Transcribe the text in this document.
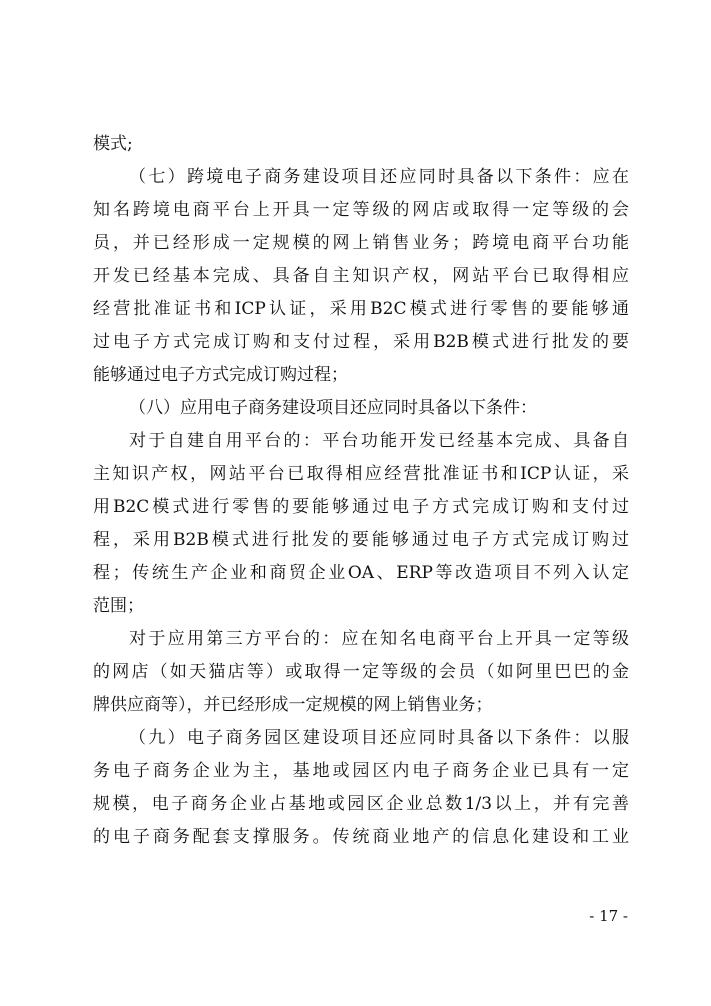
模式;
（七）跨境电子商务建设项目还应同时具备以下条件：应在
知名跨境电商平台上开具一定等级的网店或取得一定等级的会
员，并已经形成一定规模的网上销售业务；跨境电商平台功能
开发已经基本完成、具备自主知识产权，网站平台已取得相应
经营批准证书和ICP认证，采用B2C模式进行零售的要能够通
过电子方式完成订购和支付过程，采用B2B模式进行批发的要
能够通过电子方式完成订购过程；
（八）应用电子商务建设项目还应同时具备以下条件：
对于自建自用平台的：平台功能开发已经基本完成、具备自
主知识产权，网站平台已取得相应经营批准证书和ICP认证，采
用B2C模式进行零售的要能够通过电子方式完成订购和支付过
程，采用B2B模式进行批发的要能够通过电子方式完成订购过
程；传统生产企业和商贸企业OA、ERP等改造项目不列入认定
范围；
对于应用第三方平台的：应在知名电商平台上开具一定等级
的网店（如天猫店等）或取得一定等级的会员（如阿里巴巴的金
牌供应商等），并已经形成一定规模的网上销售业务；
（九）电子商务园区建设项目还应同时具备以下条件：以服
务电子商务企业为主，基地或园区内电子商务企业已具有一定
规模，电子商务企业占基地或园区企业总数1/3以上，并有完善
的电子商务配套支撑服务。传统商业地产的信息化建设和工业
- 17 -
